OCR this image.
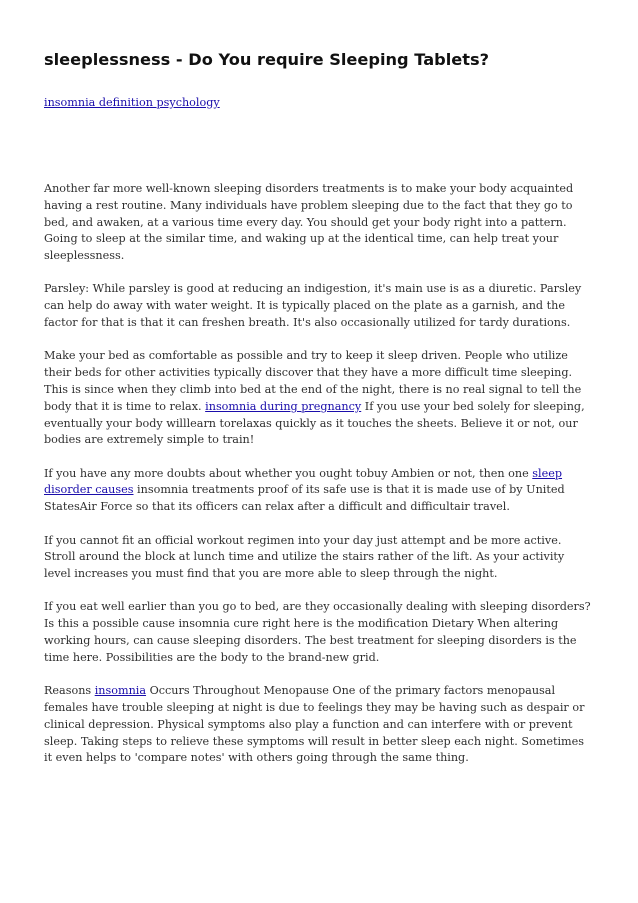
sleeplessness - Do You require Sleeping Tablets?
insomnia definition psychology

Another far more well-known sleeping disorders treatments is to make your body acquainted having a rest routine. Many individuals have problem sleeping due to the fact that they go to bed, and awaken, at a various time every day. You should get your body right into a pattern. Going to sleep at the similar time, and waking up at the identical time, can help treat your sleeplessness.

Parsley: While parsley is good at reducing an indigestion, it's main use is as a diuretic. Parsley can help do away with water weight. It is typically placed on the plate as a garnish, and the factor for that is that it can freshen breath. It's also occasionally utilized for tardy durations.

Make your bed as comfortable as possible and try to keep it sleep driven. People who utilize their beds for other activities typically discover that they have a more difficult time sleeping. This is since when they climb into bed at the end of the night, there is no real signal to tell the body that it is time to relax. insomnia during pregnancy If you use your bed solely for sleeping, eventually your body willlearn torelaxas quickly as it touches the sheets. Believe it or not, our bodies are extremely simple to train!

If you have any more doubts about whether you ought tobuy Ambien or not, then one sleep disorder causes insomnia treatments proof of its safe use is that it is made use of by United StatesAir Force so that its officers can relax after a difficult and difficultair travel.

If you cannot fit an official workout regimen into your day just attempt and be more active. Stroll around the block at lunch time and utilize the stairs rather of the lift. As your activity level increases you must find that you are more able to sleep through the night.

If you eat well earlier than you go to bed, are they occasionally dealing with sleeping disorders? Is this a possible cause insomnia cure right here is the modification Dietary When altering working hours, can cause sleeping disorders. The best treatment for sleeping disorders is the time here. Possibilities are the body to the brand-new grid.

Reasons insomnia Occurs Throughout Menopause One of the primary factors menopausal females have trouble sleeping at night is due to feelings they may be having such as despair or clinical depression. Physical symptoms also play a function and can interfere with or prevent sleep. Taking steps to relieve these symptoms will result in better sleep each night. Sometimes it even helps to 'compare notes' with others going through the same thing.
